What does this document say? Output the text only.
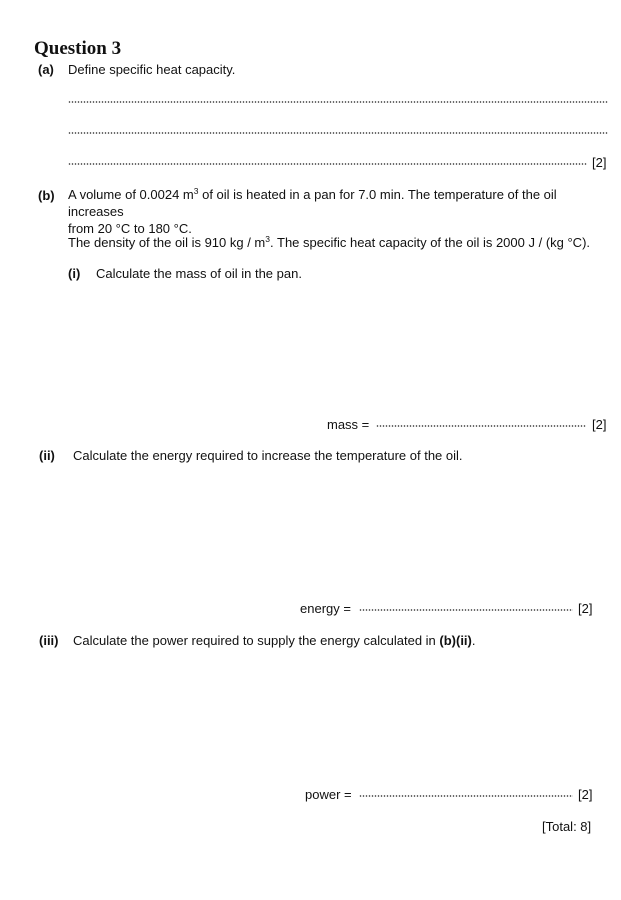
Question 3
(a) Define specific heat capacity.
[2]
(b) A volume of 0.0024 $m^3$ of oil is heated in a pan for 7.0 min. The temperature of the oil increases
from 20 °C to 180 °C.
The density of the oil is 910 kg / $m^3$. The specific heat capacity of the oil is 2000 J / (kg °C).
(i) Calculate the mass of oil in the pan.
mass =	[2]
(ii) Calculate the energy required to increase the temperature of the oil.
energy =	[2]
(iii) Calculate the power required to supply the energy calculated in (b)(ii).
power =	[2]
[Total: 8]
